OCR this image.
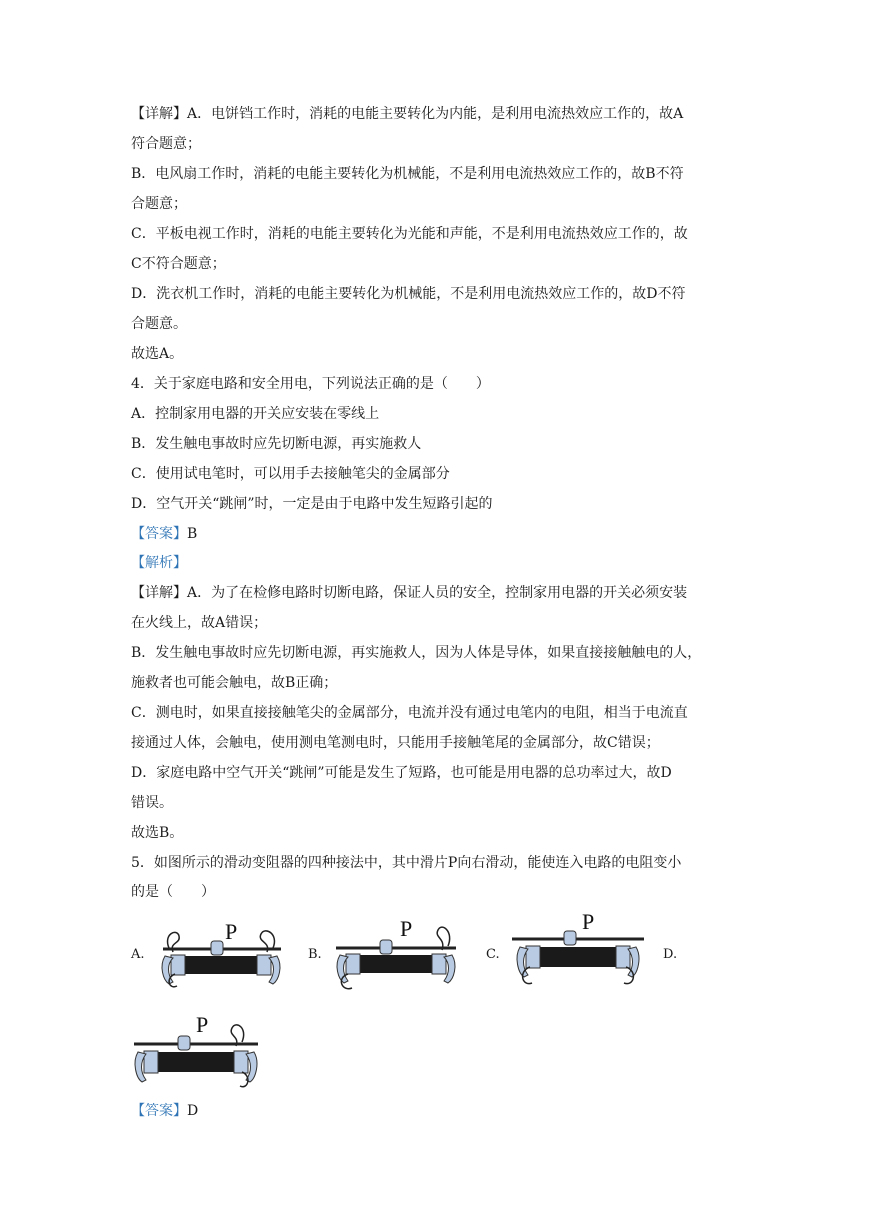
【详解】A．电饼铛工作时，消耗的电能主要转化为内能，是利用电流热效应工作的，故A
符合题意；
B．电风扇工作时，消耗的电能主要转化为机械能，不是利用电流热效应工作的，故B不符
合题意；
C．平板电视工作时，消耗的电能主要转化为光能和声能，不是利用电流热效应工作的，故
C不符合题意；
D．洗衣机工作时，消耗的电能主要转化为机械能，不是利用电流热效应工作的，故D不符
合题意。
故选A。
4．关于家庭电路和安全用电，下列说法正确的是（　　）
A．控制家用电器的开关应安装在零线上
B．发生触电事故时应先切断电源，再实施救人
C．使用试电笔时，可以用手去接触笔尖的金属部分
D．空气开关“跳闸”时，一定是由于电路中发生短路引起的
【答案】B
【解析】
【详解】A．为了在检修电路时切断电路，保证人员的安全，控制家用电器的开关必须安装
在火线上，故A错误；
B．发生触电事故时应先切断电源，再实施救人，因为人体是导体，如果直接接触触电的人，
施救者也可能会触电，故B正确；
C．测电时，如果直接接触笔尖的金属部分，电流并没有通过电笔内的电阻，相当于电流直
接通过人体，会触电，使用测电笔测电时，只能用手接触笔尾的金属部分，故C错误；
D．家庭电路中空气开关“跳闸”可能是发生了短路，也可能是用电器的总功率过大，故D
错误。
故选B。
5．如图所示的滑动变阻器的四种接法中，其中滑片P向右滑动，能使连入电路的电阻变小
的是（　　）
A.	B.	C.	D.
P	P	P
P
【答案】D
